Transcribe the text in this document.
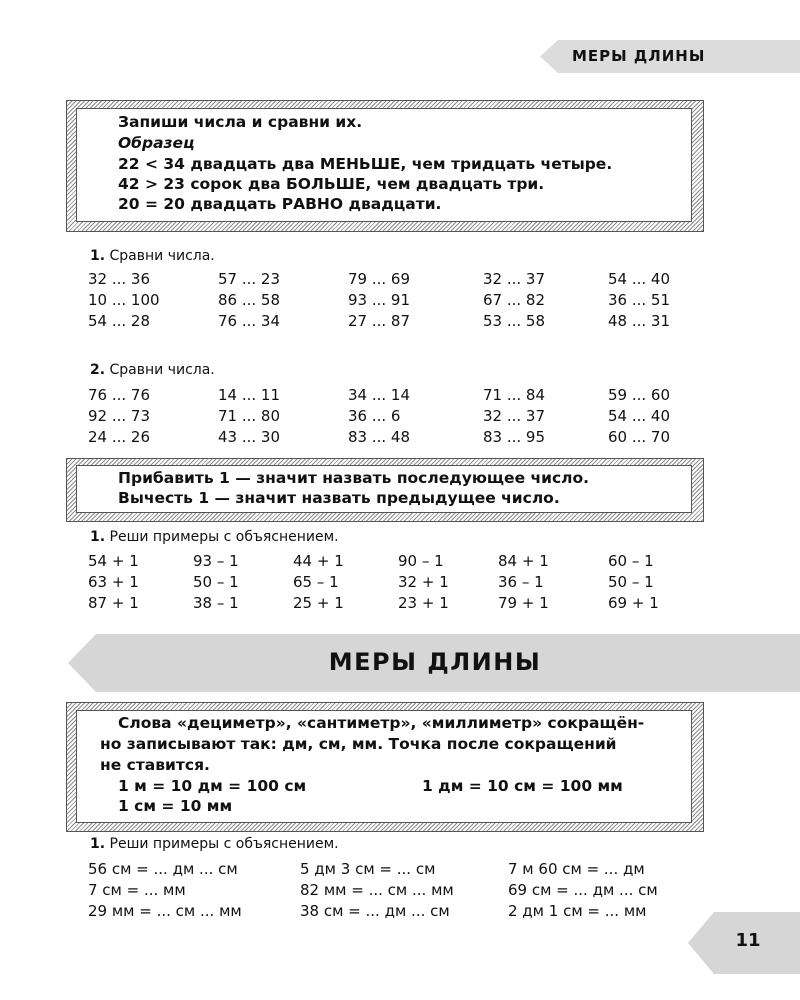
МЕРЫ ДЛИНЫ
Запиши числа и сравни их.
Образец
22 < 34 двадцать два МЕНЬШЕ, чем тридцать четыре.
42 > 23 сорок два БОЛЬШЕ, чем двадцать три.
20 = 20 двадцать РАВНО двадцати.
1. Сравни числа.
32 ... 36	57 ... 23	79 ... 69	32 ... 37	54 ... 40
10 ... 100	86 ... 58	93 ... 91	67 ... 82	36 ... 51
54 ... 28	76 ... 34	27 ... 87	53 ... 58	48 ... 31
2. Сравни числа.
76 ... 76	14 ... 11	34 ... 14	71 ... 84	59 ... 60
92 ... 73	71 ... 80	36 ... 6	32 ... 37	54 ... 40
24 ... 26	43 ... 30	83 ... 48	83 ... 95	60 ... 70
Прибавить 1 — значит назвать последующее число.
Вычесть 1 — значит назвать предыдущее число.
1. Реши примеры с объяснением.
54 + 1	93 – 1	44 + 1	90 – 1	84 + 1	60 – 1
63 + 1	50 – 1	65 – 1	32 + 1	36 – 1	50 – 1
87 + 1	38 – 1	25 + 1	23 + 1	79 + 1	69 + 1
МЕРЫ ДЛИНЫ
Слова «дециметр», «сантиметр», «миллиметр» сокращён-
но записывают так: дм, см, мм. Точка после сокращений
не ставится.
1 м = 10 дм = 100 см	1 дм = 10 см = 100 мм
1 см = 10 мм
1. Реши примеры с объяснением.
56 см = ... дм ... см	5 дм 3 см = ... см	7 м 60 см = ... дм
7 см = ... мм	82 мм = ... см ... мм	69 см = ... дм ... см
29 мм = ... см ... мм	38 см = ... дм ... см	2 дм 1 см = ... мм
11
